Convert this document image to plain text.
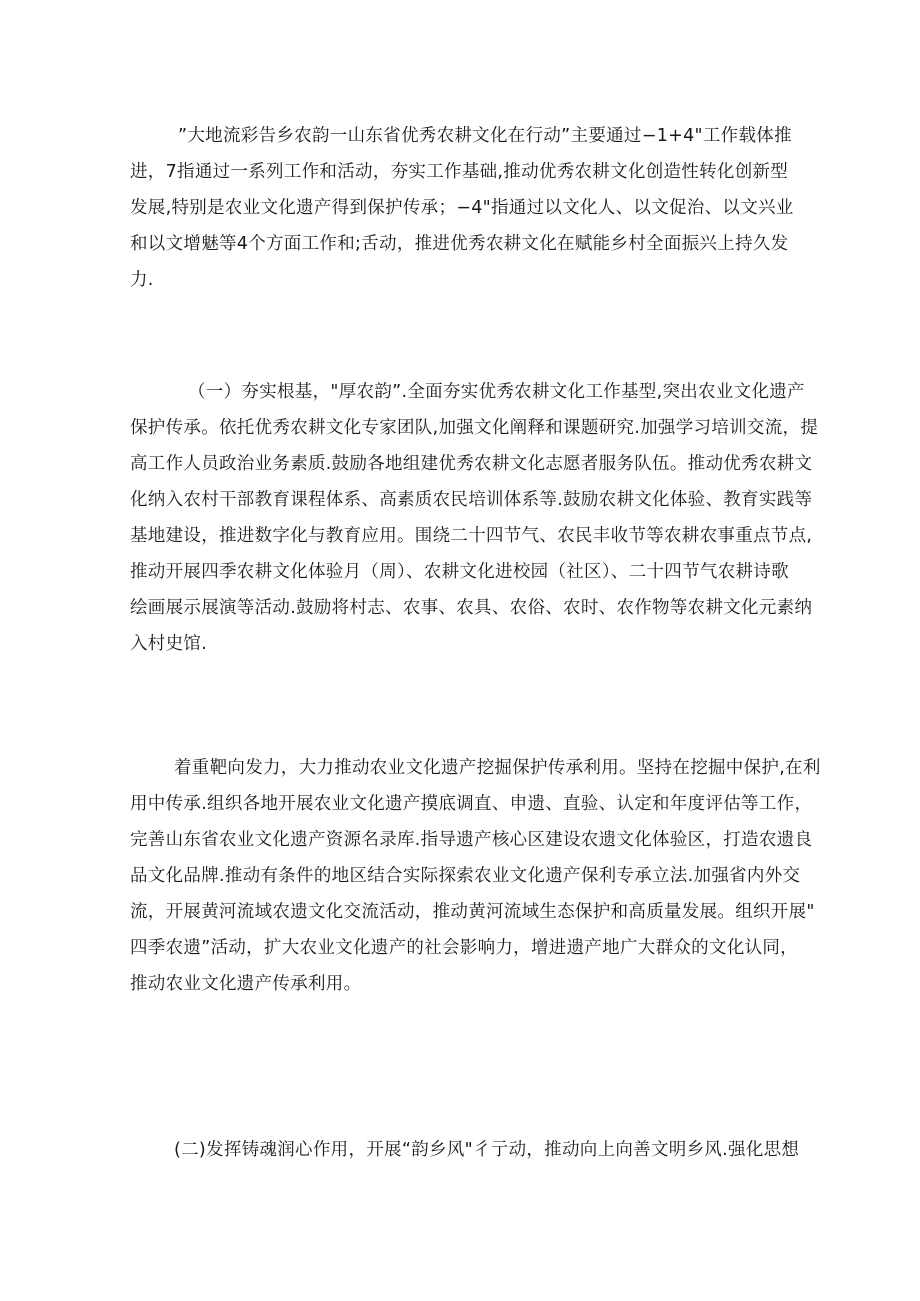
”大地流彩告乡农韵一山东省优秀农耕文化在行动”主要通过−1+4"工作载体推
进，7指通过一系列工作和活动，夯实工作基础,推动优秀农耕文化创造性转化创新型
发展,特别是农业文化遗产得到保护传承；−4"指通过以文化人、以文促治、以文兴业
和以文增魅等4个方面工作和;舌动，推进优秀农耕文化在赋能乡村全面振兴上持久发
力.
（一）夯实根基，"厚农韵”.全面夯实优秀农耕文化工作基型,突出农业文化遗产
保护传承。依托优秀农耕文化专家团队,加强文化阐释和课题研究.加强学习培训交流，提
高工作人员政治业务素质.鼓励各地组建优秀农耕文化志愿者服务队伍。推动优秀农耕文
化纳入农村干部教育课程体系、高素质农民培训体系等.鼓励农耕文化体验、教育实践等
基地建设，推进数字化与教育应用。围绕二十四节气、农民丰收节等农耕农事重点节点,
推动开展四季农耕文化体验月（周）、农耕文化进校园（社区）、二十四节气农耕诗歌
绘画展示展演等活动.鼓励将村志、农事、农具、农俗、农时、农作物等农耕文化元素纳
入村史馆.
着重靶向发力，大力推动农业文化遗产挖掘保护传承利用。坚持在挖掘中保护,在利
用中传承.组织各地开展农业文化遗产摸底调直、申遗、直验、认定和年度评估等工作，
完善山东省农业文化遗产资源名录库.指导遗产核心区建设农遗文化体验区，打造农遗良
品文化品牌.推动有条件的地区结合实际探索农业文化遗产保利专承立法.加强省内外交
流，开展黄河流域农遗文化交流活动，推动黄河流域生态保护和高质量发展。组织开展"
四季农遗”活动，扩大农业文化遗产的社会影响力，增进遗产地广大群众的文化认同，
推动农业文化遗产传承利用。
(二)发挥铸魂润心作用，开展“韵乡风"彳亍动，推动向上向善文明乡风.强化思想
